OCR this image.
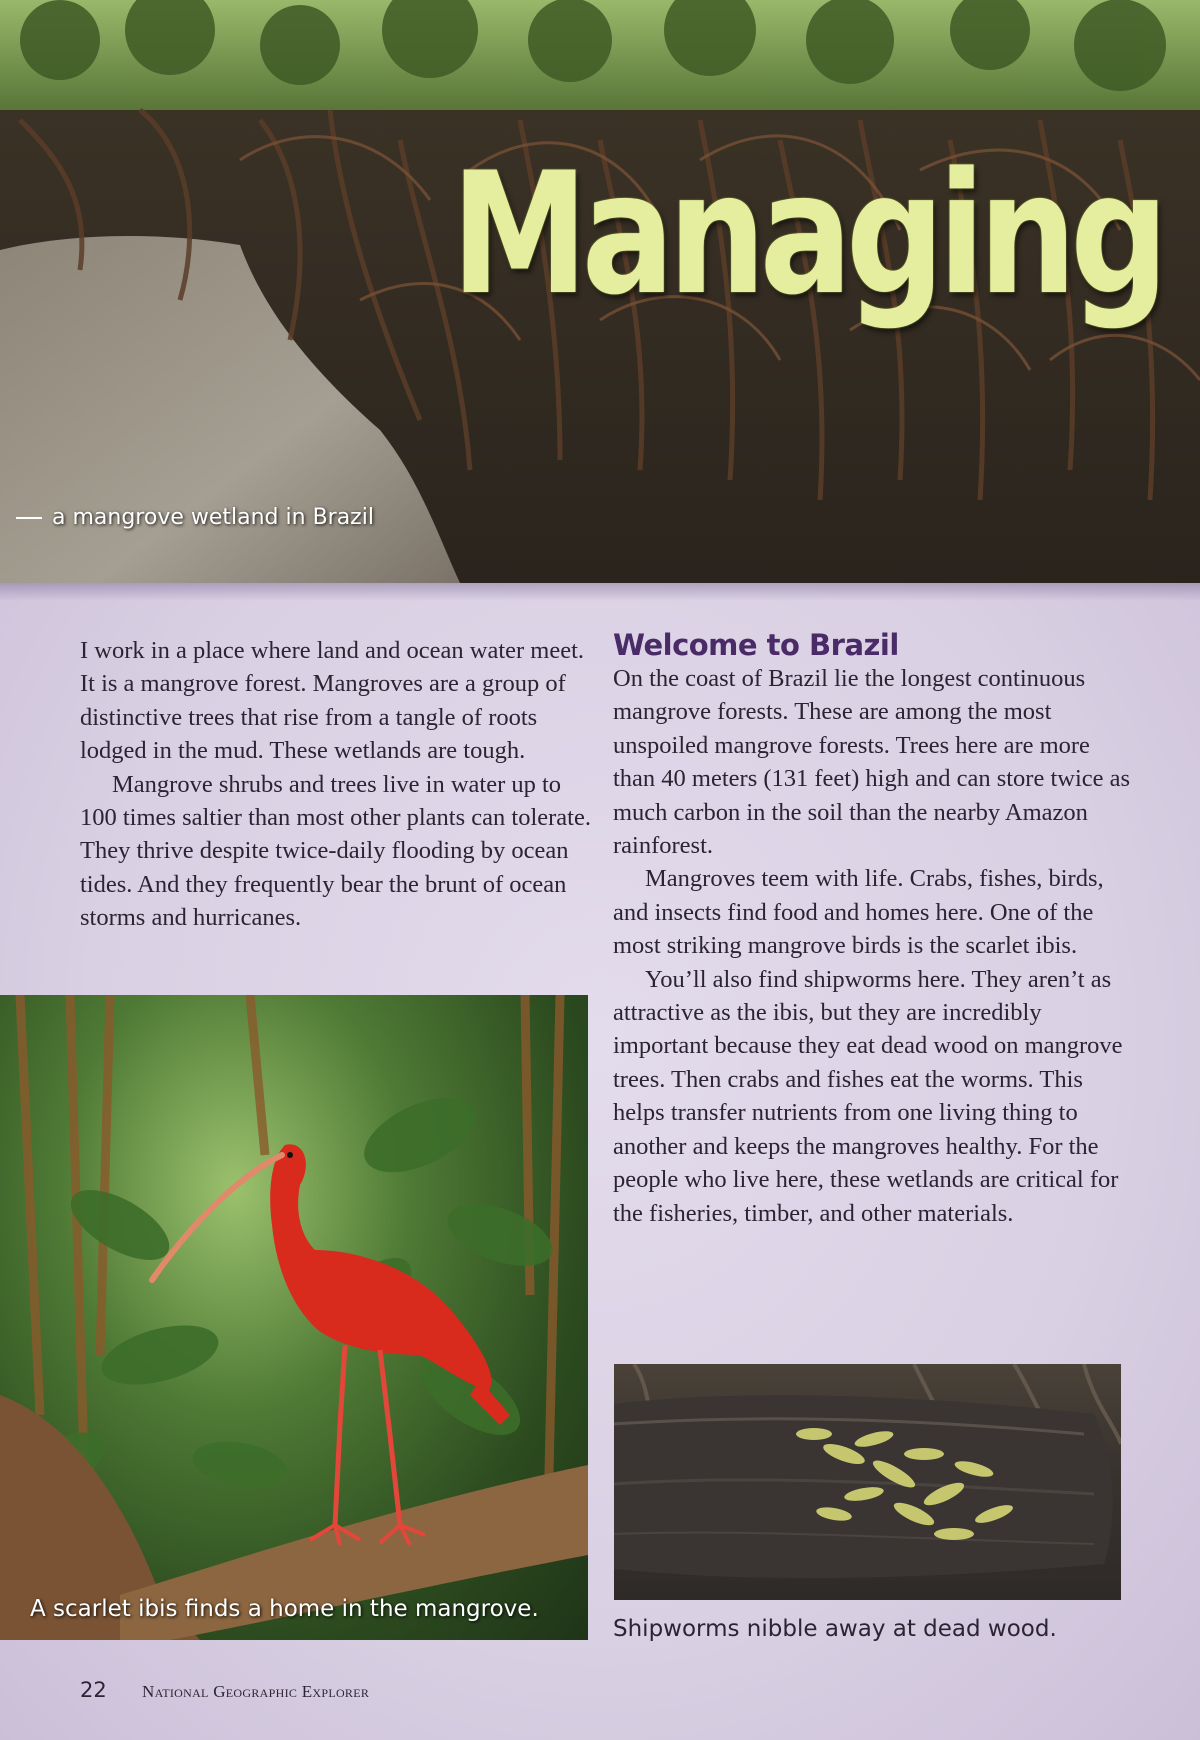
Managing
a mangrove wetland in Brazil

I work in a place where land and ocean water meet. It is a mangrove forest. Mangroves are a group of distinctive trees that rise from a tangle of roots lodged in the mud. These wetlands are tough.

Mangrove shrubs and trees live in water up to 100 times saltier than most other plants can tolerate. They thrive despite twice-daily flooding by ocean tides. And they frequently bear the brunt of ocean storms and hurricanes.

Welcome to Brazil

On the coast of Brazil lie the longest continuous mangrove forests. These are among the most unspoiled mangrove forests. Trees here are more than 40 meters (131 feet) high and can store twice as much carbon in the soil than the nearby Amazon rainforest.

Mangroves teem with life. Crabs, fishes, birds, and insects find food and homes here. One of the most striking mangrove birds is the scarlet ibis.

You’ll also find shipworms here. They aren’t as attractive as the ibis, but they are incredibly important because they eat dead wood on mangrove trees. Then crabs and fishes eat the worms. This helps transfer nutrients from one living thing to another and keeps the mangroves healthy. For the people who live here, these wetlands are critical for the fisheries, timber, and other materials.

A scarlet ibis finds a home in the mangrove.
Shipworms nibble away at dead wood.
22 National Geographic Explorer
